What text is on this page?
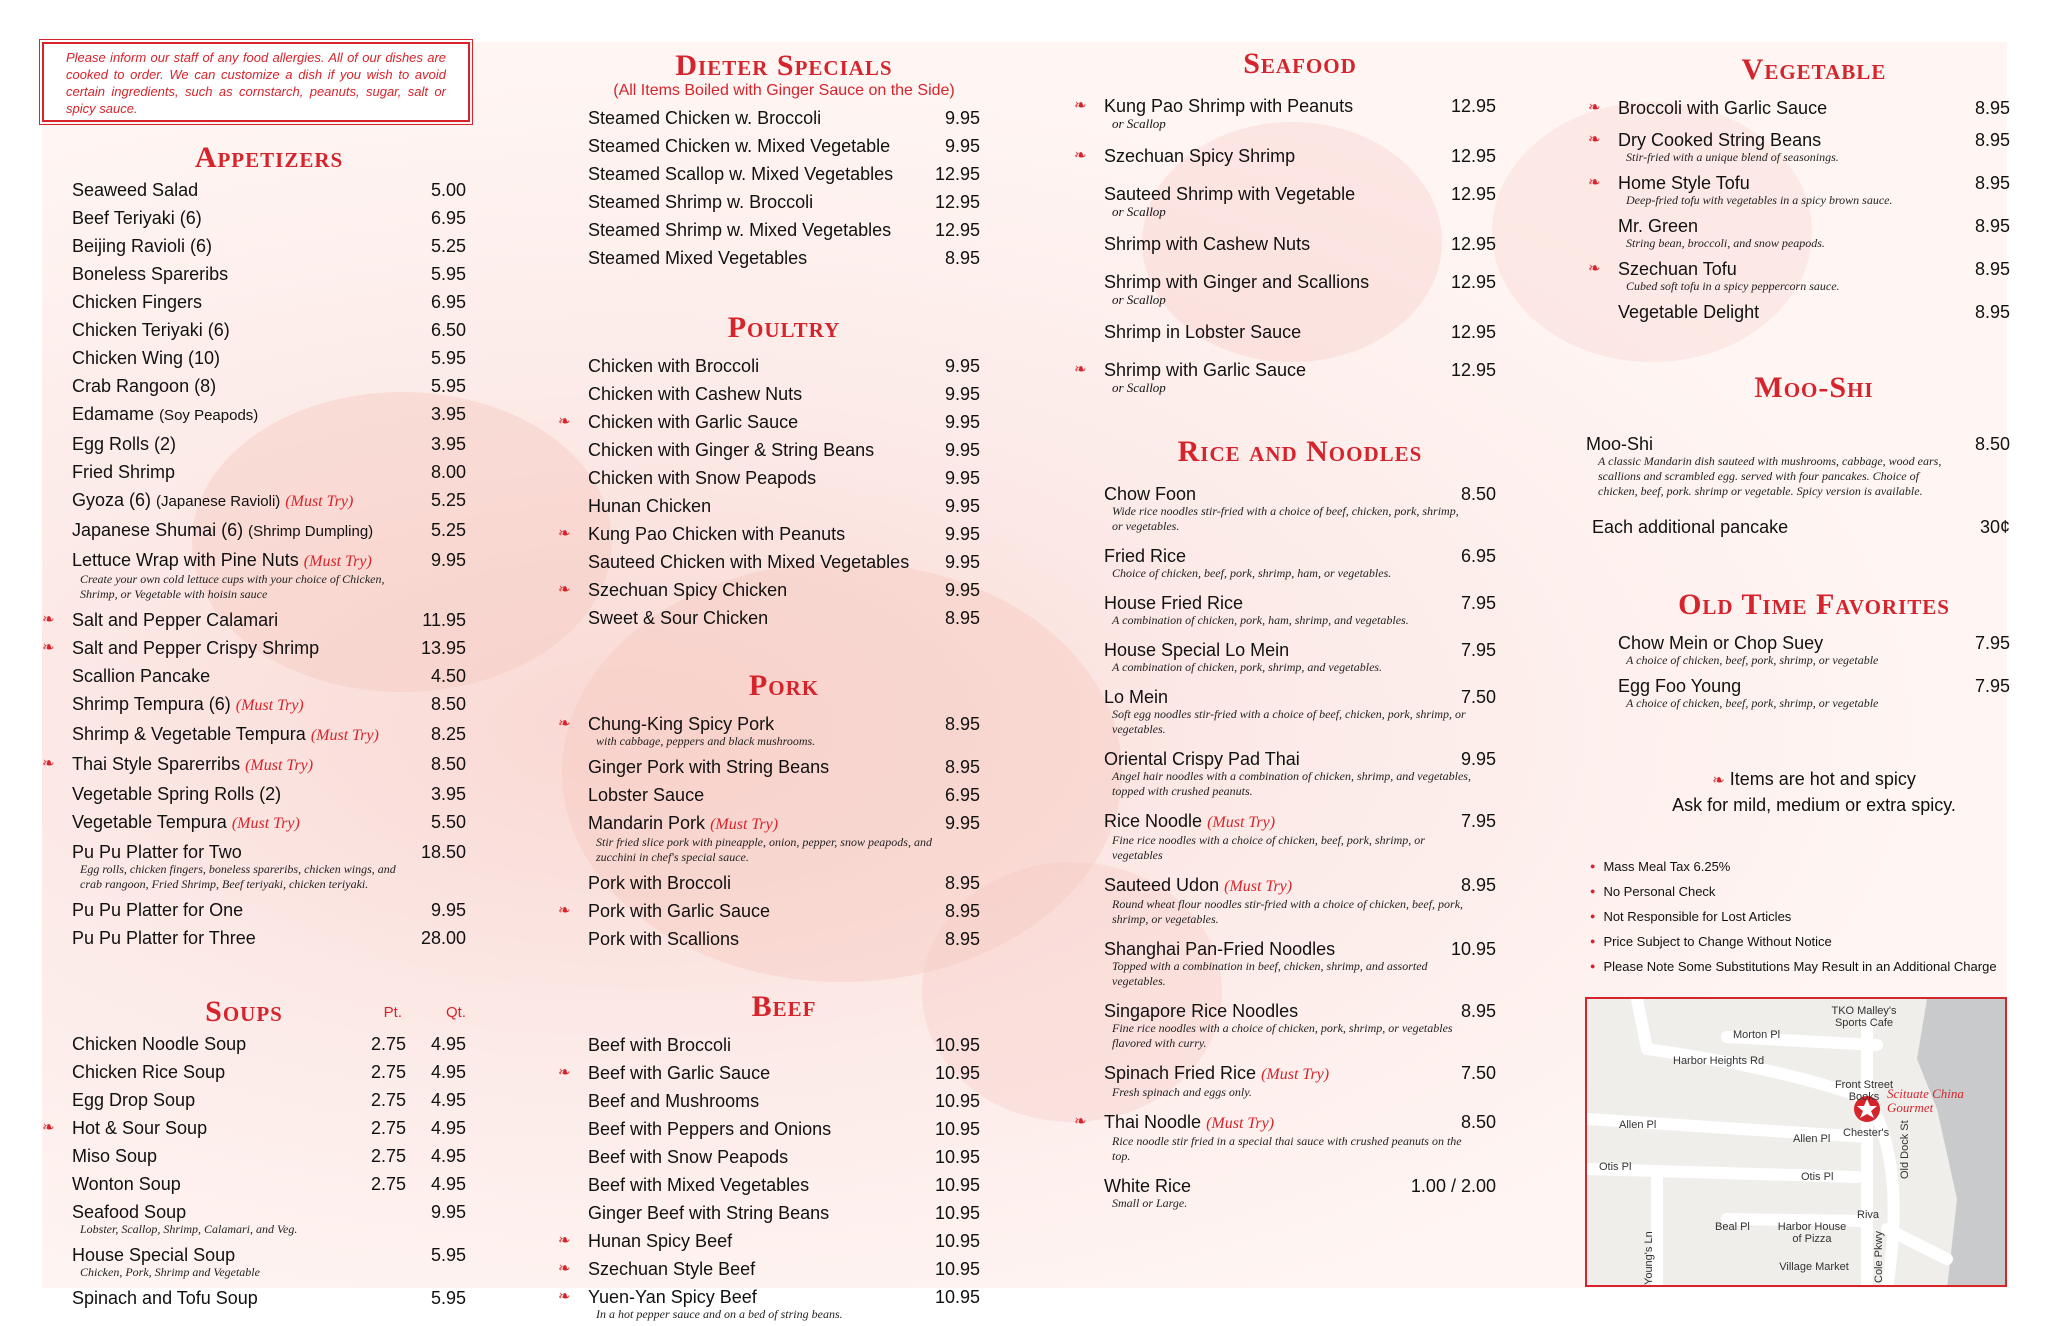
Please inform our staff of any food allergies. All of our dishes are cooked to order. We can customize a dish if you wish to avoid certain ingredients, such as cornstarch, peanuts, sugar, salt or spicy sauce.
Appetizers
Seaweed Salad	5.00
Beef Teriyaki (6)	6.95
Beijing Ravioli (6)	5.25
Boneless Spareribs	5.95
Chicken Fingers	6.95
Chicken Teriyaki (6)	6.50
Chicken Wing (10)	5.95
Crab Rangoon (8)	5.95
Edamame (Soy Peapods)	3.95
Egg Rolls (2)	3.95
Fried Shrimp	8.00
Gyoza (6) (Japanese Ravioli) (Must Try)	5.25
Japanese Shumai (6) (Shrimp Dumpling)	5.25
Lettuce Wrap with Pine Nuts (Must Try)	9.95
Create your own cold lettuce cups with your choice of Chicken, Shrimp, or Vegetable with hoisin sauce
❧ Salt and Pepper Calamari	11.95
❧ Salt and Pepper Crispy Shrimp	13.95
Scallion Pancake	4.50
Shrimp Tempura (6) (Must Try)	8.50
Shrimp & Vegetable Tempura (Must Try)	8.25
❧ Thai Style Sparerribs (Must Try)	8.50
Vegetable Spring Rolls (2)	3.95
Vegetable Tempura (Must Try)	5.50
Pu Pu Platter for Two	18.50
Egg rolls, chicken fingers, boneless spareribs, chicken wings, and crab rangoon, Fried Shrimp, Beef teriyaki, chicken teriyaki.
Pu Pu Platter for One	9.95
Pu Pu Platter for Three	28.00
Soups	Pt.	Qt.
Chicken Noodle Soup	2.75 4.95
Chicken Rice Soup	2.75 4.95
Egg Drop Soup	2.75 4.95
❧ Hot & Sour Soup	2.75 4.95
Miso Soup	2.75 4.95
Wonton Soup	2.75 4.95
Seafood Soup	9.95
Lobster, Scallop, Shrimp, Calamari, and Veg.
House Special Soup	5.95
Chicken, Pork, Shrimp and Vegetable
Spinach and Tofu Soup	5.95
Dieter Specials
(All Items Boiled with Ginger Sauce on the Side)
Steamed Chicken w. Broccoli	9.95
Steamed Chicken w. Mixed Vegetable	9.95
Steamed Scallop w. Mixed Vegetables 12.95
Steamed Shrimp w. Broccoli	12.95
Steamed Shrimp w. Mixed Vegetables 12.95
Steamed Mixed Vegetables	8.95
Poultry
Chicken with Broccoli	9.95
Chicken with Cashew Nuts	9.95
❧ Chicken with Garlic Sauce	9.95
Chicken with Ginger & String Beans	9.95
Chicken with Snow Peapods	9.95
Hunan Chicken	9.95
❧ Kung Pao Chicken with Peanuts	9.95
Sauteed Chicken with Mixed Vegetables 9.95
❧ Szechuan Spicy Chicken	9.95
Sweet & Sour Chicken	8.95
Pork
❧ Chung-King Spicy Pork	8.95
with cabbage, peppers and black mushrooms.
Ginger Pork with String Beans	8.95
Lobster Sauce	6.95
Mandarin Pork (Must Try)	9.95
Stir fried slice pork with pineapple, onion, pepper, snow peapods, and zucchini in chef's special sauce.
Pork with Broccoli	8.95
❧ Pork with Garlic Sauce	8.95
Pork with Scallions	8.95
Beef
Beef with Broccoli	10.95
❧ Beef with Garlic Sauce	10.95
Beef and Mushrooms	10.95
Beef with Peppers and Onions	10.95
Beef with Snow Peapods	10.95
Beef with Mixed Vegetables	10.95
Ginger Beef with String Beans	10.95
❧ Hunan Spicy Beef	10.95
❧ Szechuan Style Beef	10.95
❧ Yuen-Yan Spicy Beef	10.95
In a hot pepper sauce and on a bed of string beans.
Seafood
❧ Kung Pao Shrimp with Peanuts	12.95
or Scallop
❧ Szechuan Spicy Shrimp	12.95
Sauteed Shrimp with Vegetable	12.95
or Scallop
Shrimp with Cashew Nuts	12.95
Shrimp with Ginger and Scallions	12.95
or Scallop
Shrimp in Lobster Sauce	12.95
❧ Shrimp with Garlic Sauce	12.95
or Scallop
Rice and Noodles
Chow Foon	8.50
Wide rice noodles stir-fried with a choice of beef, chicken, pork, shrimp, or vegetables.
Fried Rice	6.95
Choice of chicken, beef, pork, shrimp, ham, or vegetables.
House Fried Rice	7.95
A combination of chicken, pork, ham, shrimp, and vegetables.
House Special Lo Mein	7.95
A combination of chicken, pork, shrimp, and vegetables.
Lo Mein	7.50
Soft egg noodles stir-fried with a choice of beef, chicken, pork, shrimp, or vegetables.
Oriental Crispy Pad Thai	9.95
Angel hair noodles with a combination of chicken, shrimp, and vegetables, topped with crushed peanuts.
Rice Noodle (Must Try)	7.95
Fine rice noodles with a choice of chicken, beef, pork, shrimp, or vegetables
Sauteed Udon (Must Try)	8.95
Round wheat flour noodles stir-fried with a choice of chicken, beef, pork, shrimp, or vegetables.
Shanghai Pan-Fried Noodles	10.95
Topped with a combination in beef, chicken, shrimp, and assorted vegetables.
Singapore Rice Noodles	8.95
Fine rice noodles with a choice of chicken, pork, shrimp, or vegetables flavored with curry.
Spinach Fried Rice (Must Try)	7.50
Fresh spinach and eggs only.
❧ Thai Noodle (Must Try)	8.50
Rice noodle stir fried in a special thai sauce with crushed peanuts on the top.
White Rice	1.00 / 2.00
Small or Large.
Vegetable
❧ Broccoli with Garlic Sauce	8.95
❧ Dry Cooked String Beans	8.95
Stir-fried with a unique blend of seasonings.
❧ Home Style Tofu	8.95
Deep-fried tofu with vegetables in a spicy brown sauce.
Mr. Green	8.95
String bean, broccoli, and snow peapods.
❧ Szechuan Tofu	8.95
Cubed soft tofu in a spicy peppercorn sauce.
Vegetable Delight	8.95
Moo-Shi
Moo-Shi	8.50
A classic Mandarin dish sauteed with mushrooms, cabbage, wood ears, scallions and scrambled egg. served with four pancakes. Choice of chicken, beef, pork. shrimp or vegetable. Spicy version is available.
Each additional pancake	30¢
Old Time Favorites
Chow Mein or Chop Suey	7.95
A choice of chicken, beef, pork, shrimp, or vegetable
Egg Foo Young	7.95
A choice of chicken, beef, pork, shrimp, or vegetable
❧ Items are hot and spicy
Ask for mild, medium or extra spicy.
● Mass Meal Tax 6.25%
● No Personal Check
● Not Responsible for Lost Articles
● Price Subject to Change Without Notice
● Please Note Some Substitutions May Result in an Additional Charge
TKO Malley's Sports Cafe
Morton Pl
Harbor Heights Rd
Front Street Books
Allen Pl
Allen Pl Chester's
Otis Pl
Otis Pl
Riva
Beal Pl	Harbor House of Pizza
Old Dock St
Cole Pkwy
Young's Ln	Village Market
Scituate China Gourmet
